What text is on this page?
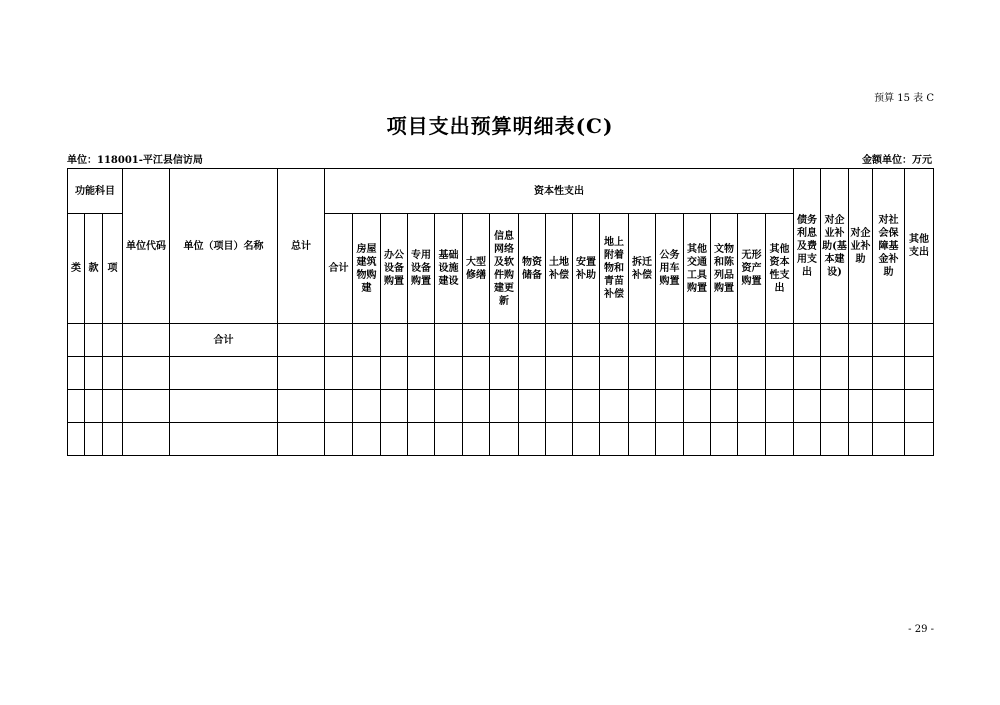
预算 15 表 C
项目支出预算明细表(C)
单位：118001-平江县信访局	金额单位：万元
功能科目			单位代码	单位（项目）名称	总计	资本性支出																	债务利息及费用支出	对企业补助(基本建设)	对企业补助	对社会保障基金补助	其他支出
类	款	项				合计	房屋建筑物购建	办公设备购置	专用设备购置	基础设施建设	大型修缮	信息网络及软件购建更新	物资储备	土地补偿	安置补助	地上附着物和青苗补偿	拆迁补偿	公务用车购置	其他交通工具购置	文物和陈列品购置	无形资产购置	其他资本性支出					
				合计																							

- 29 -
